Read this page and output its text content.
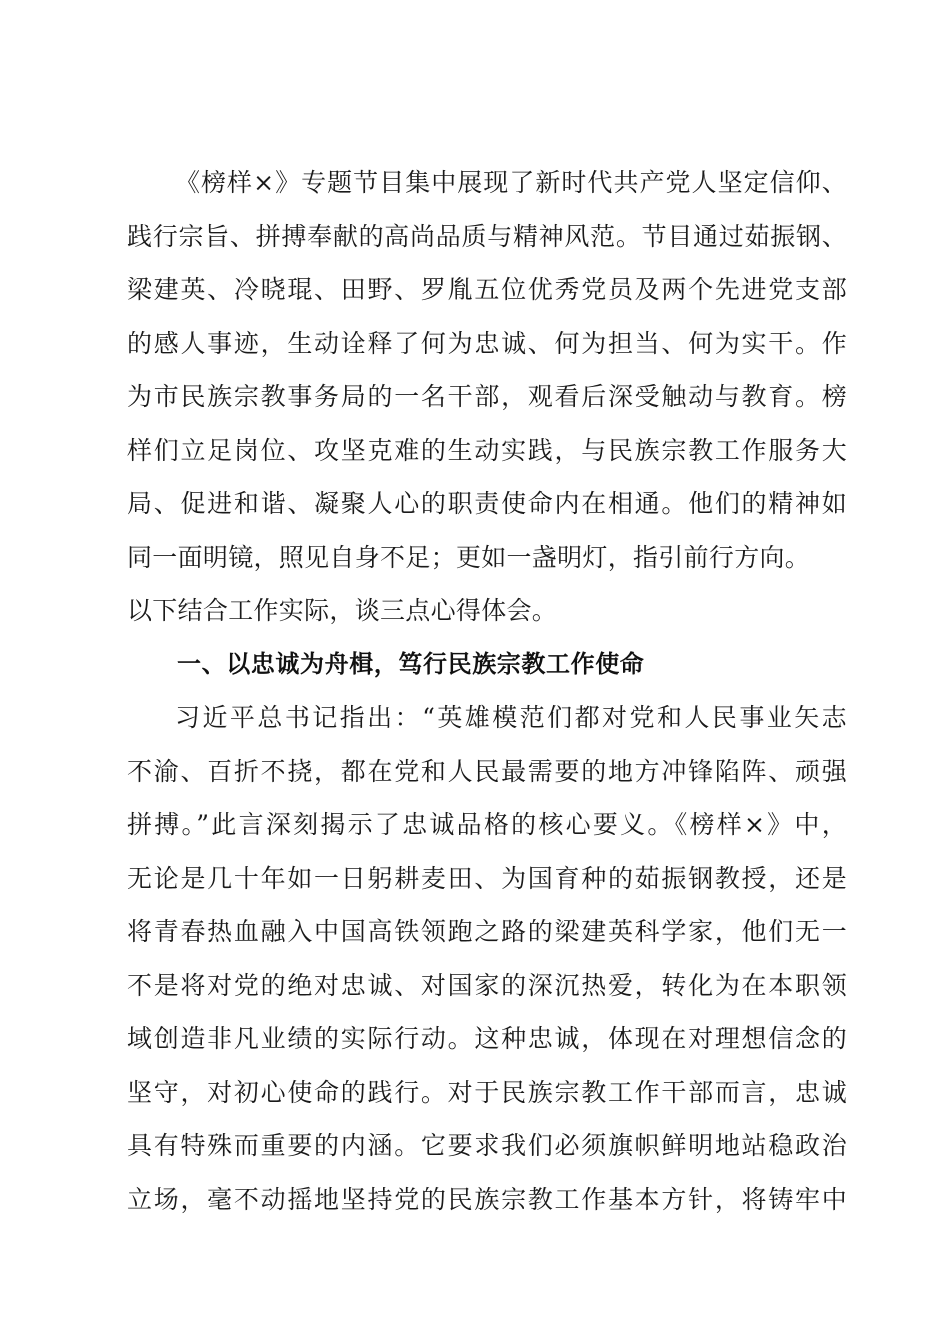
《榜样×》专题节目集中展现了新时代共产党人坚定信仰、
践行宗旨、拼搏奉献的高尚品质与精神风范。节目通过茹振钢、
梁建英、冷晓琨、田野、罗胤五位优秀党员及两个先进党支部
的感人事迹，生动诠释了何为忠诚、何为担当、何为实干。作
为市民族宗教事务局的一名干部，观看后深受触动与教育。榜
样们立足岗位、攻坚克难的生动实践，与民族宗教工作服务大
局、促进和谐、凝聚人心的职责使命内在相通。他们的精神如
同一面明镜，照见自身不足；更如一盏明灯，指引前行方向。
以下结合工作实际，谈三点心得体会。
一、以忠诚为舟楫，笃行民族宗教工作使命
习近平总书记指出：“英雄模范们都对党和人民事业矢志
不渝、百折不挠，都在党和人民最需要的地方冲锋陷阵、顽强
拼搏。”此言深刻揭示了忠诚品格的核心要义。《榜样×》中，
无论是几十年如一日躬耕麦田、为国育种的茹振钢教授，还是
将青春热血融入中国高铁领跑之路的梁建英科学家，他们无一
不是将对党的绝对忠诚、对国家的深沉热爱，转化为在本职领
域创造非凡业绩的实际行动。这种忠诚，体现在对理想信念的
坚守，对初心使命的践行。对于民族宗教工作干部而言，忠诚
具有特殊而重要的内涵。它要求我们必须旗帜鲜明地站稳政治
立场，毫不动摇地坚持党的民族宗教工作基本方针，将铸牢中
